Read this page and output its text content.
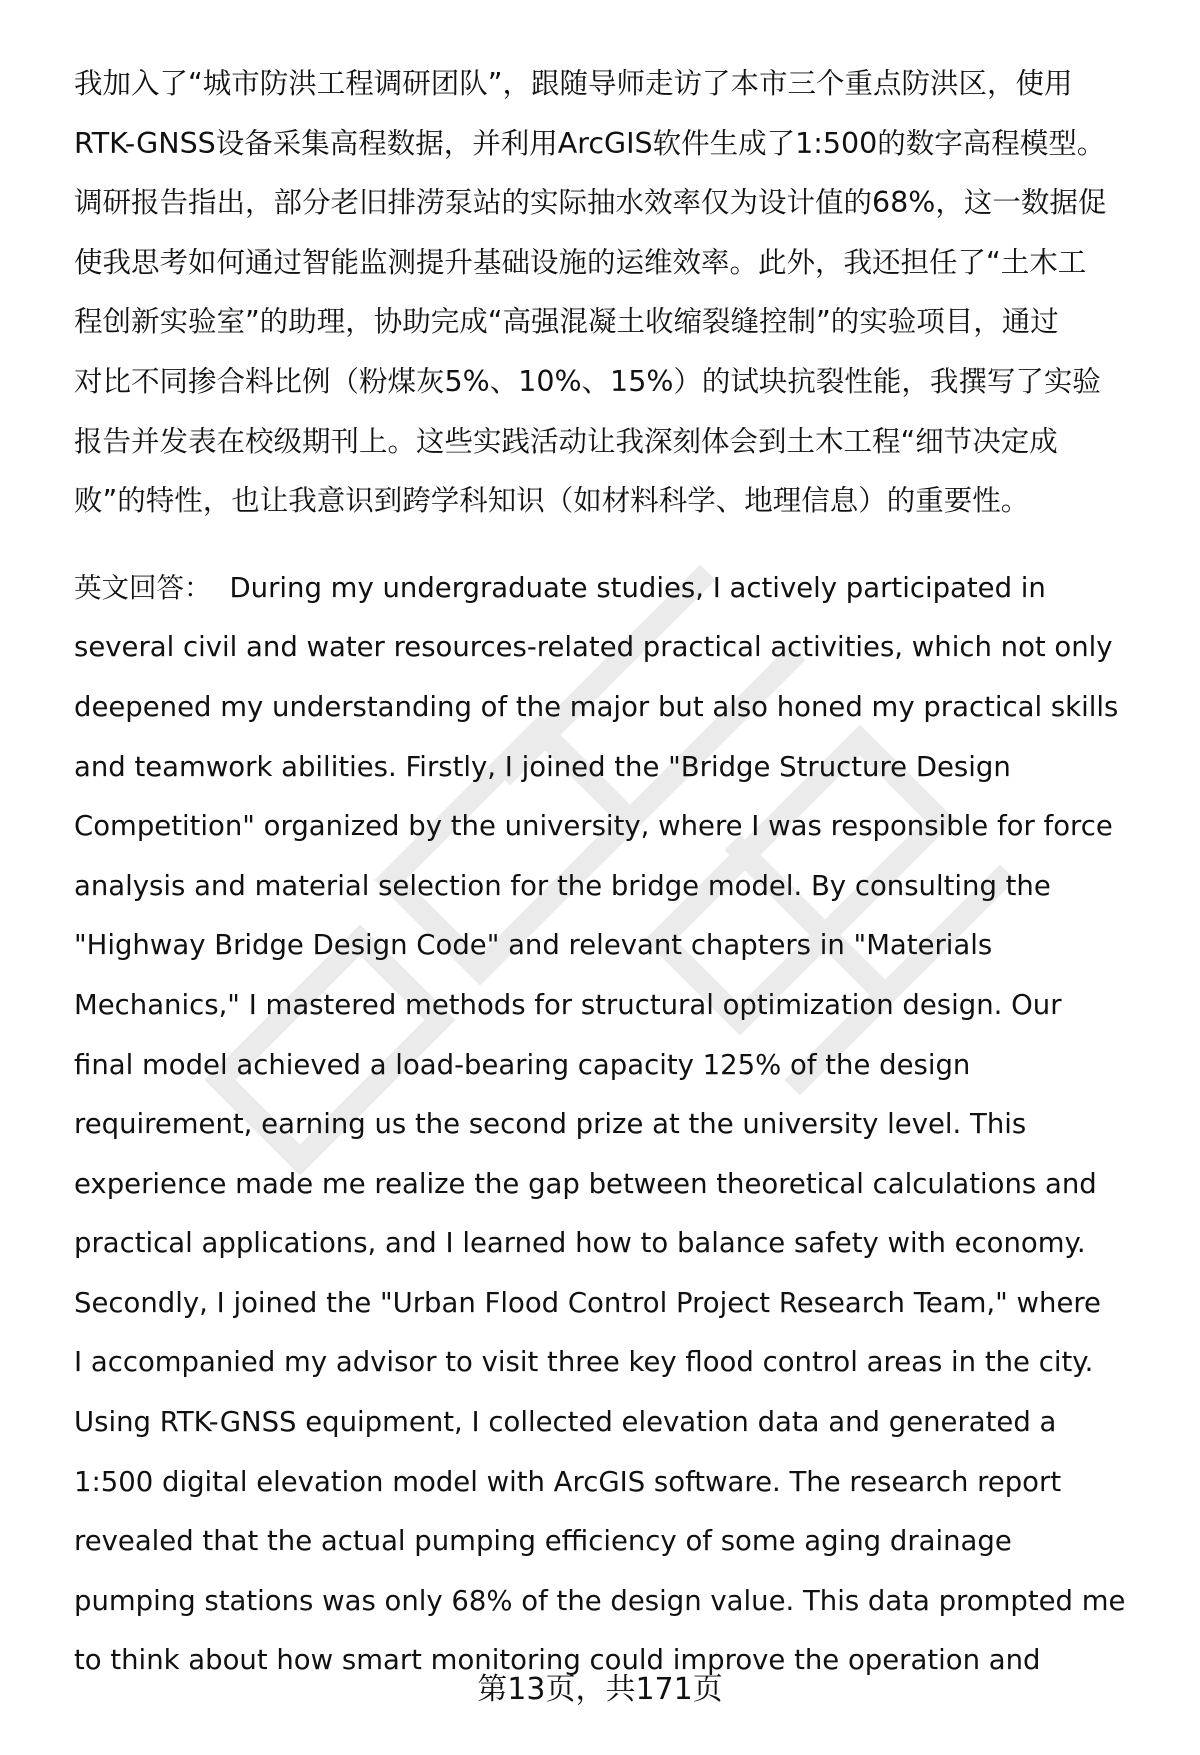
我加入了“城市防洪工程调研团队”，跟随导师走访了本市三个重点防洪区，使用
RTK-GNSS设备采集高程数据，并利用ArcGIS软件生成了1:500的数字高程模型。
调研报告指出，部分老旧排涝泵站的实际抽水效率仅为设计值的68%，这一数据促
使我思考如何通过智能监测提升基础设施的运维效率。此外，我还担任了“土木工
程创新实验室”的助理，协助完成“高强混凝土收缩裂缝控制”的实验项目，通过
对比不同掺合料比例（粉煤灰5%、10%、15%）的试块抗裂性能，我撰写了实验
报告并发表在校级期刊上。这些实践活动让我深刻体会到土木工程“细节决定成
败”的特性，也让我意识到跨学科知识（如材料科学、地理信息）的重要性。
英文回答： During my undergraduate studies, I actively participated in
several civil and water resources-related practical activities, which not only
deepened my understanding of the major but also honed my practical skills
and teamwork abilities. Firstly, I joined the "Bridge Structure Design
Competition" organized by the university, where I was responsible for force
analysis and material selection for the bridge model. By consulting the
"Highway Bridge Design Code" and relevant chapters in "Materials
Mechanics," I mastered methods for structural optimization design. Our
final model achieved a load-bearing capacity 125% of the design
requirement, earning us the second prize at the university level. This
experience made me realize the gap between theoretical calculations and
practical applications, and I learned how to balance safety with economy.
Secondly, I joined the "Urban Flood Control Project Research Team," where
I accompanied my advisor to visit three key flood control areas in the city.
Using RTK-GNSS equipment, I collected elevation data and generated a
1:500 digital elevation model with ArcGIS software. The research report
revealed that the actual pumping efficiency of some aging drainage
pumping stations was only 68% of the design value. This data prompted me
to think about how smart monitoring could improve the operation and
第13页，共171页
